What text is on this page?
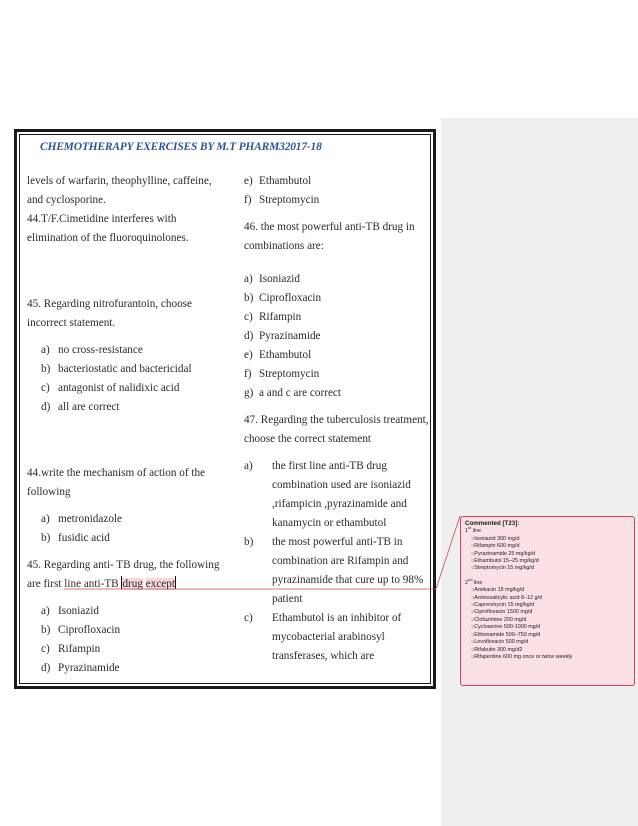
CHEMOTHERAPY EXERCISES BY M.T PHARM32017-18

levels of warfarin, theophylline, caffeine, and cyclosporine.

44.T/F.Cimetidine interferes with elimination of the fluoroquinolones.

45. Regarding nitrofurantoin, choose incorrect statement.

a) no cross-resistance
b) bacteriostatic and bactericidal
c) antagonist of nalidixic acid
d) all are correct

44.write the mechanism of action of the following

a) metronidazole
b) fusidic acid

45. Regarding anti- TB drug, the following are first line anti-TB drug except

a) Isoniazid
b) Ciprofloxacin
c) Rifampin
d) Pyrazinamide
e) Ethambutol
f) Streptomycin

46. the most powerful anti-TB drug in combinations are:

a) Isoniazid
b) Ciprofloxacin
c) Rifampin
d) Pyrazinamide
e) Ethambutol
f) Streptomycin
g) a and c are correct

47. Regarding the tuberculosis treatment, choose the correct statement

a) the first line anti-TB drug combination used are isoniazid ,rifampicin ,pyrazinamide and kanamycin or ethambutol
b) the most powerful anti-TB in combination are Rifampin and pyrazinamide that cure up to 98% patient
c) Ethambutol is an inhibitor of mycobacterial arabinosyl transferases, which are
Commented [T23]:
1st line
○Isoniazid 300 mg/d
○Rifampin 600 mg/d
○Pyrazinamide 25 mg/kg/d
○Ethambutol 15–25 mg/kg/d
○Streptomycin 15 mg/kg/d
2nd line
○Amikacin 15 mg/kg/d
○Aminosalicylic acid 8–12 g/d
○Capreomycin 15 mg/kg/d
○Ciprofloxacin 1500 mg/d
○Clofazimine 200 mg/d
○Cycloserine 500-1000 mg/d
○Ethionamide 500–750 mg/d
○Levofloxacin 500 mg/d
○Rifabutin 300 mg/d2
○Rifapentine 600 mg once or twice weekly
